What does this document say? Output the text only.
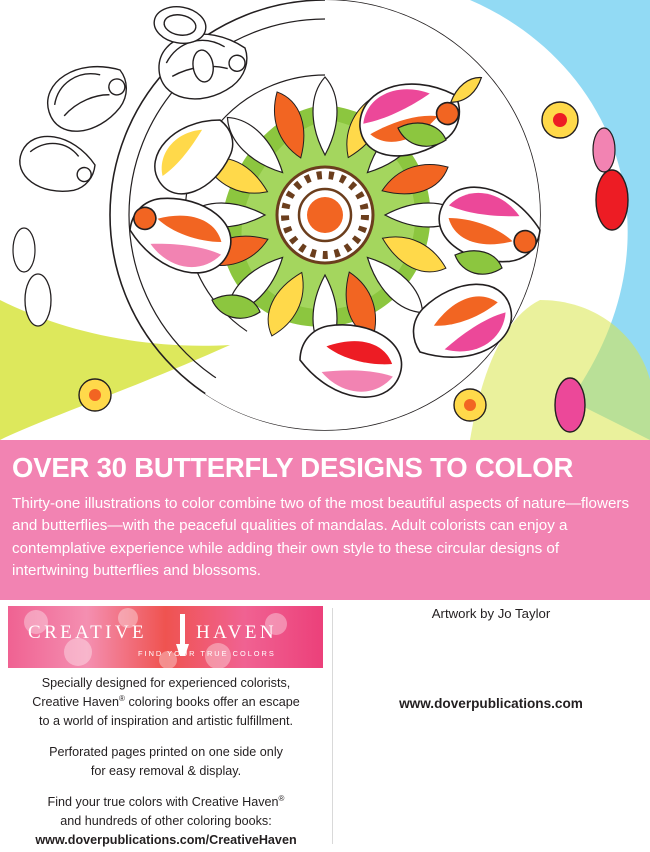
OVER 30 BUTTERFLY DESIGNS TO COLOR

Thirty-one illustrations to color combine two of the most beautiful aspects of nature—flowers and butterflies—with the peaceful qualities of mandalas. Adult colorists can enjoy a contemplative experience while adding their own style to these circular designs of intertwining butterflies and blossoms.

CREATIVE	HAVEN
FIND YOUR TRUE COLORS

Specially designed for experienced colorists,
Creative Haven® coloring books offer an escape
to a world of inspiration and artistic fulfillment.

Perforated pages printed on one side only
for easy removal & display.

Find your true colors with Creative Haven®
and hundreds of other coloring books:
www.doverpublications.com/CreativeHaven

Artwork by Jo Taylor
www.doverpublications.com
